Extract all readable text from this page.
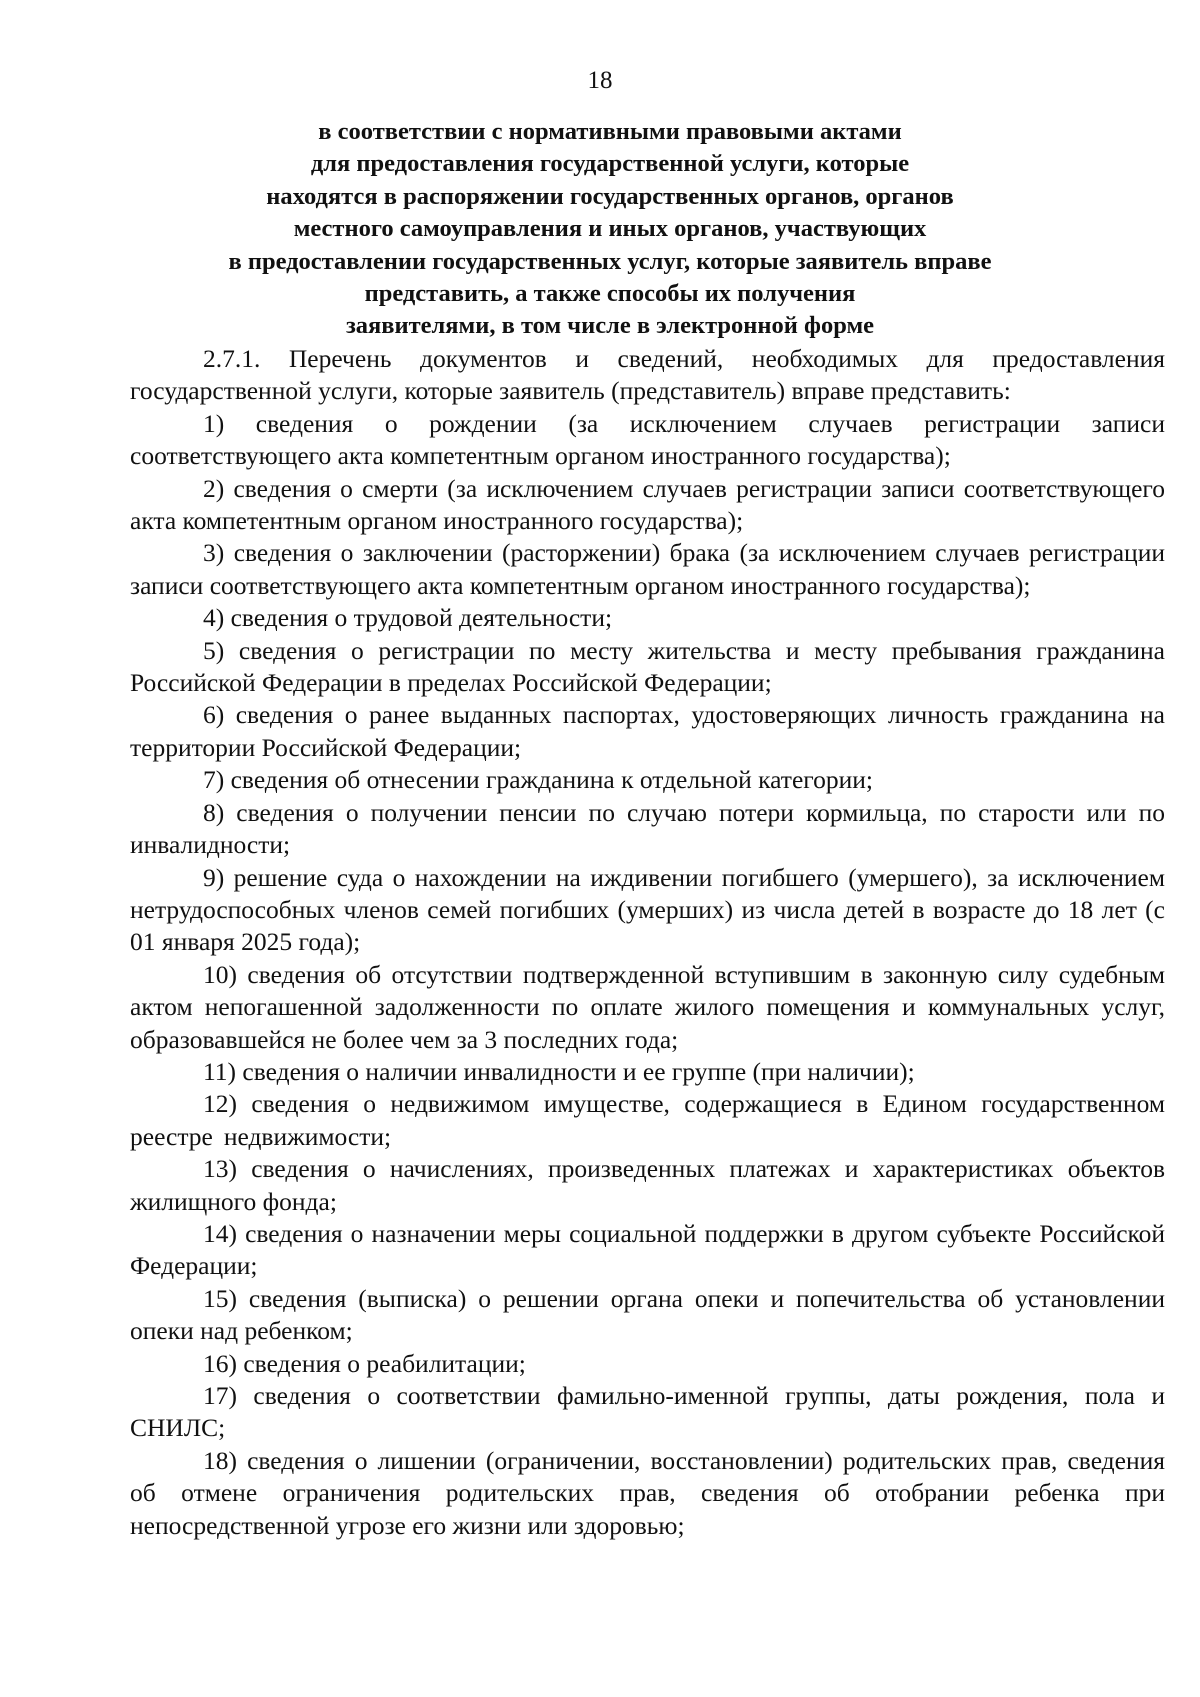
18
в соответствии с нормативными правовыми актами
для предоставления государственной услуги, которые
находятся в распоряжении государственных органов, органов
местного самоуправления и иных органов, участвующих
в предоставлении государственных услуг, которые заявитель вправе
представить, а также способы их получения
заявителями, в том числе в электронной форме

2.7.1. Перечень документов и сведений, необходимых для предоставления государственной услуги, которые заявитель (представитель) вправе представить:

1) сведения о рождении (за исключением случаев регистрации записи соответствующего акта компетентным органом иностранного государства);

2) сведения о смерти (за исключением случаев регистрации записи соответствующего акта компетентным органом иностранного государства);

3) сведения о заключении (расторжении) брака (за исключением случаев регистрации записи соответствующего акта компетентным органом иностранного государства);

4) сведения о трудовой деятельности;

5) сведения о регистрации по месту жительства и месту пребывания гражданина Российской Федерации в пределах Российской Федерации;

6) сведения о ранее выданных паспортах, удостоверяющих личность гражданина на территории Российской Федерации;

7) сведения об отнесении гражданина к отдельной категории;

8) сведения о получении пенсии по случаю потери кормильца, по старости или по инвалидности;

9) решение суда о нахождении на иждивении погибшего (умершего), за исключением нетрудоспособных членов семей погибших (умерших) из числа детей в возрасте до 18 лет (с 01 января 2025 года);

10) сведения об отсутствии подтвержденной вступившим в законную силу судебным актом непогашенной задолженности по оплате жилого помещения и коммунальных услуг, образовавшейся не более чем за 3 последних года;

11) сведения о наличии инвалидности и ее группе (при наличии);

12) сведения о недвижимом имуществе, содержащиеся в Едином государственном реестре недвижимости;

13) сведения о начислениях, произведенных платежах и характеристиках объектов жилищного фонда;

14) сведения о назначении меры социальной поддержки в другом субъекте Российской Федерации;

15) сведения (выписка) о решении органа опеки и попечительства об установлении опеки над ребенком;

16) сведения о реабилитации;

17) сведения о соответствии фамильно-именной группы, даты рождения, пола и СНИЛС;

18) сведения о лишении (ограничении, восстановлении) родительских прав, сведения об отмене ограничения родительских прав, сведения об отобрании ребенка при непосредственной угрозе его жизни или здоровью;
